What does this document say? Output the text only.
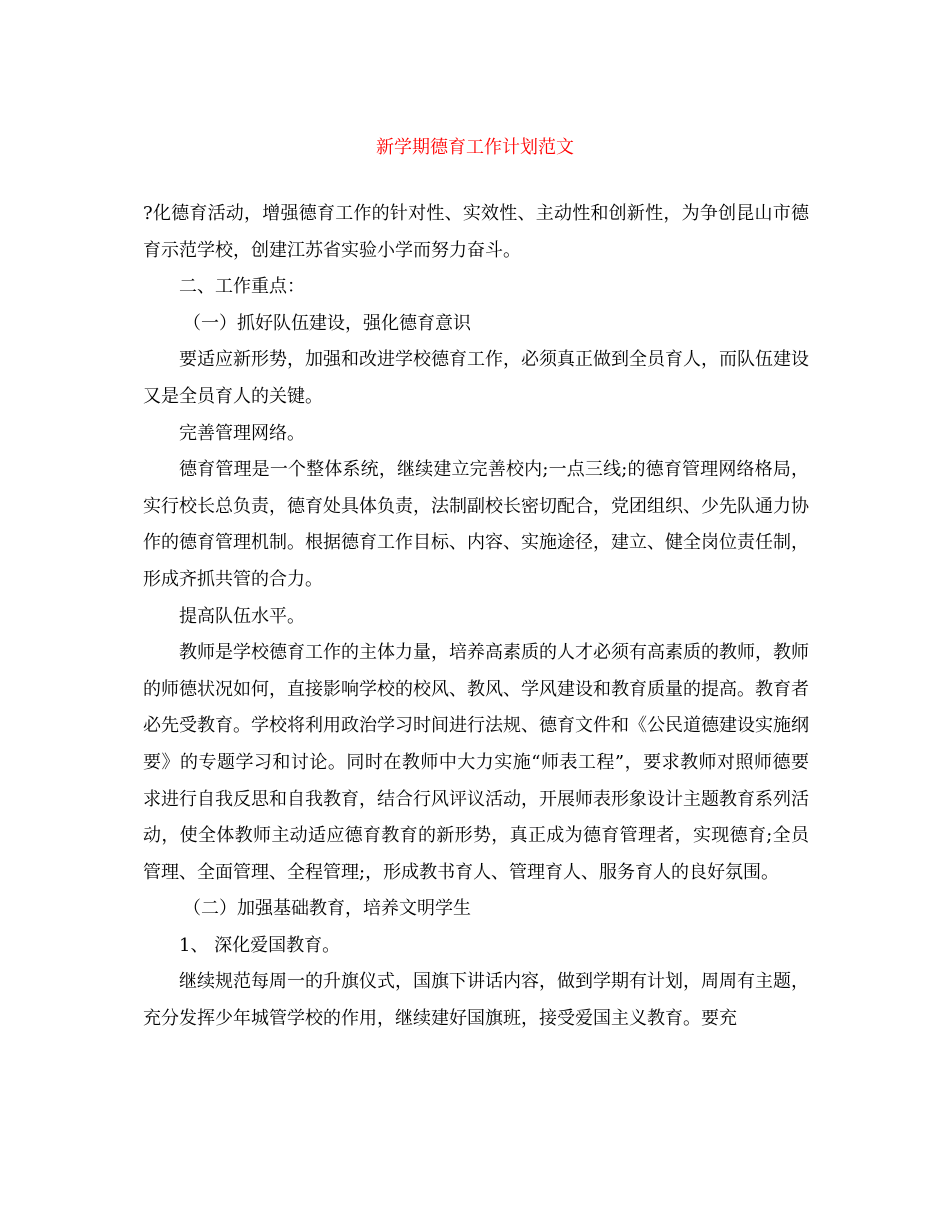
新学期德育工作计划范文

?化德育活动，增强德育工作的针对性、实效性、主动性和创新性，为争创昆山市德育示范学校，创建江苏省实验小学而努力奋斗。

二、工作重点：

（一）抓好队伍建设，强化德育意识

要适应新形势，加强和改进学校德育工作，必须真正做到全员育人，而队伍建设又是全员育人的关键。

完善管理网络。

德育管理是一个整体系统，继续建立完善校内;一点三线;的德育管理网络格局，实行校长总负责，德育处具体负责，法制副校长密切配合，党团组织、少先队通力协作的德育管理机制。根据德育工作目标、内容、实施途径，建立、健全岗位责任制，形成齐抓共管的合力。

提高队伍水平。

教师是学校德育工作的主体力量，培养高素质的人才必须有高素质的教师，教师的师德状况如何，直接影响学校的校风、教风、学风建设和教育质量的提高。教育者必先受教育。学校将利用政治学习时间进行法规、德育文件和《公民道德建设实施纲要》的专题学习和讨论。同时在教师中大力实施“师表工程”，要求教师对照师德要求进行自我反思和自我教育，结合行风评议活动，开展师表形象设计主题教育系列活动，使全体教师主动适应德育教育的新形势，真正成为德育管理者，实现德育;全员管理、全面管理、全程管理;，形成教书育人、管理育人、服务育人的良好氛围。

（二）加强基础教育，培养文明学生

1、 深化爱国教育。

继续规范每周一的升旗仪式，国旗下讲话内容，做到学期有计划，周周有主题，充分发挥少年城管学校的作用，继续建好国旗班，接受爱国主义教育。要充
